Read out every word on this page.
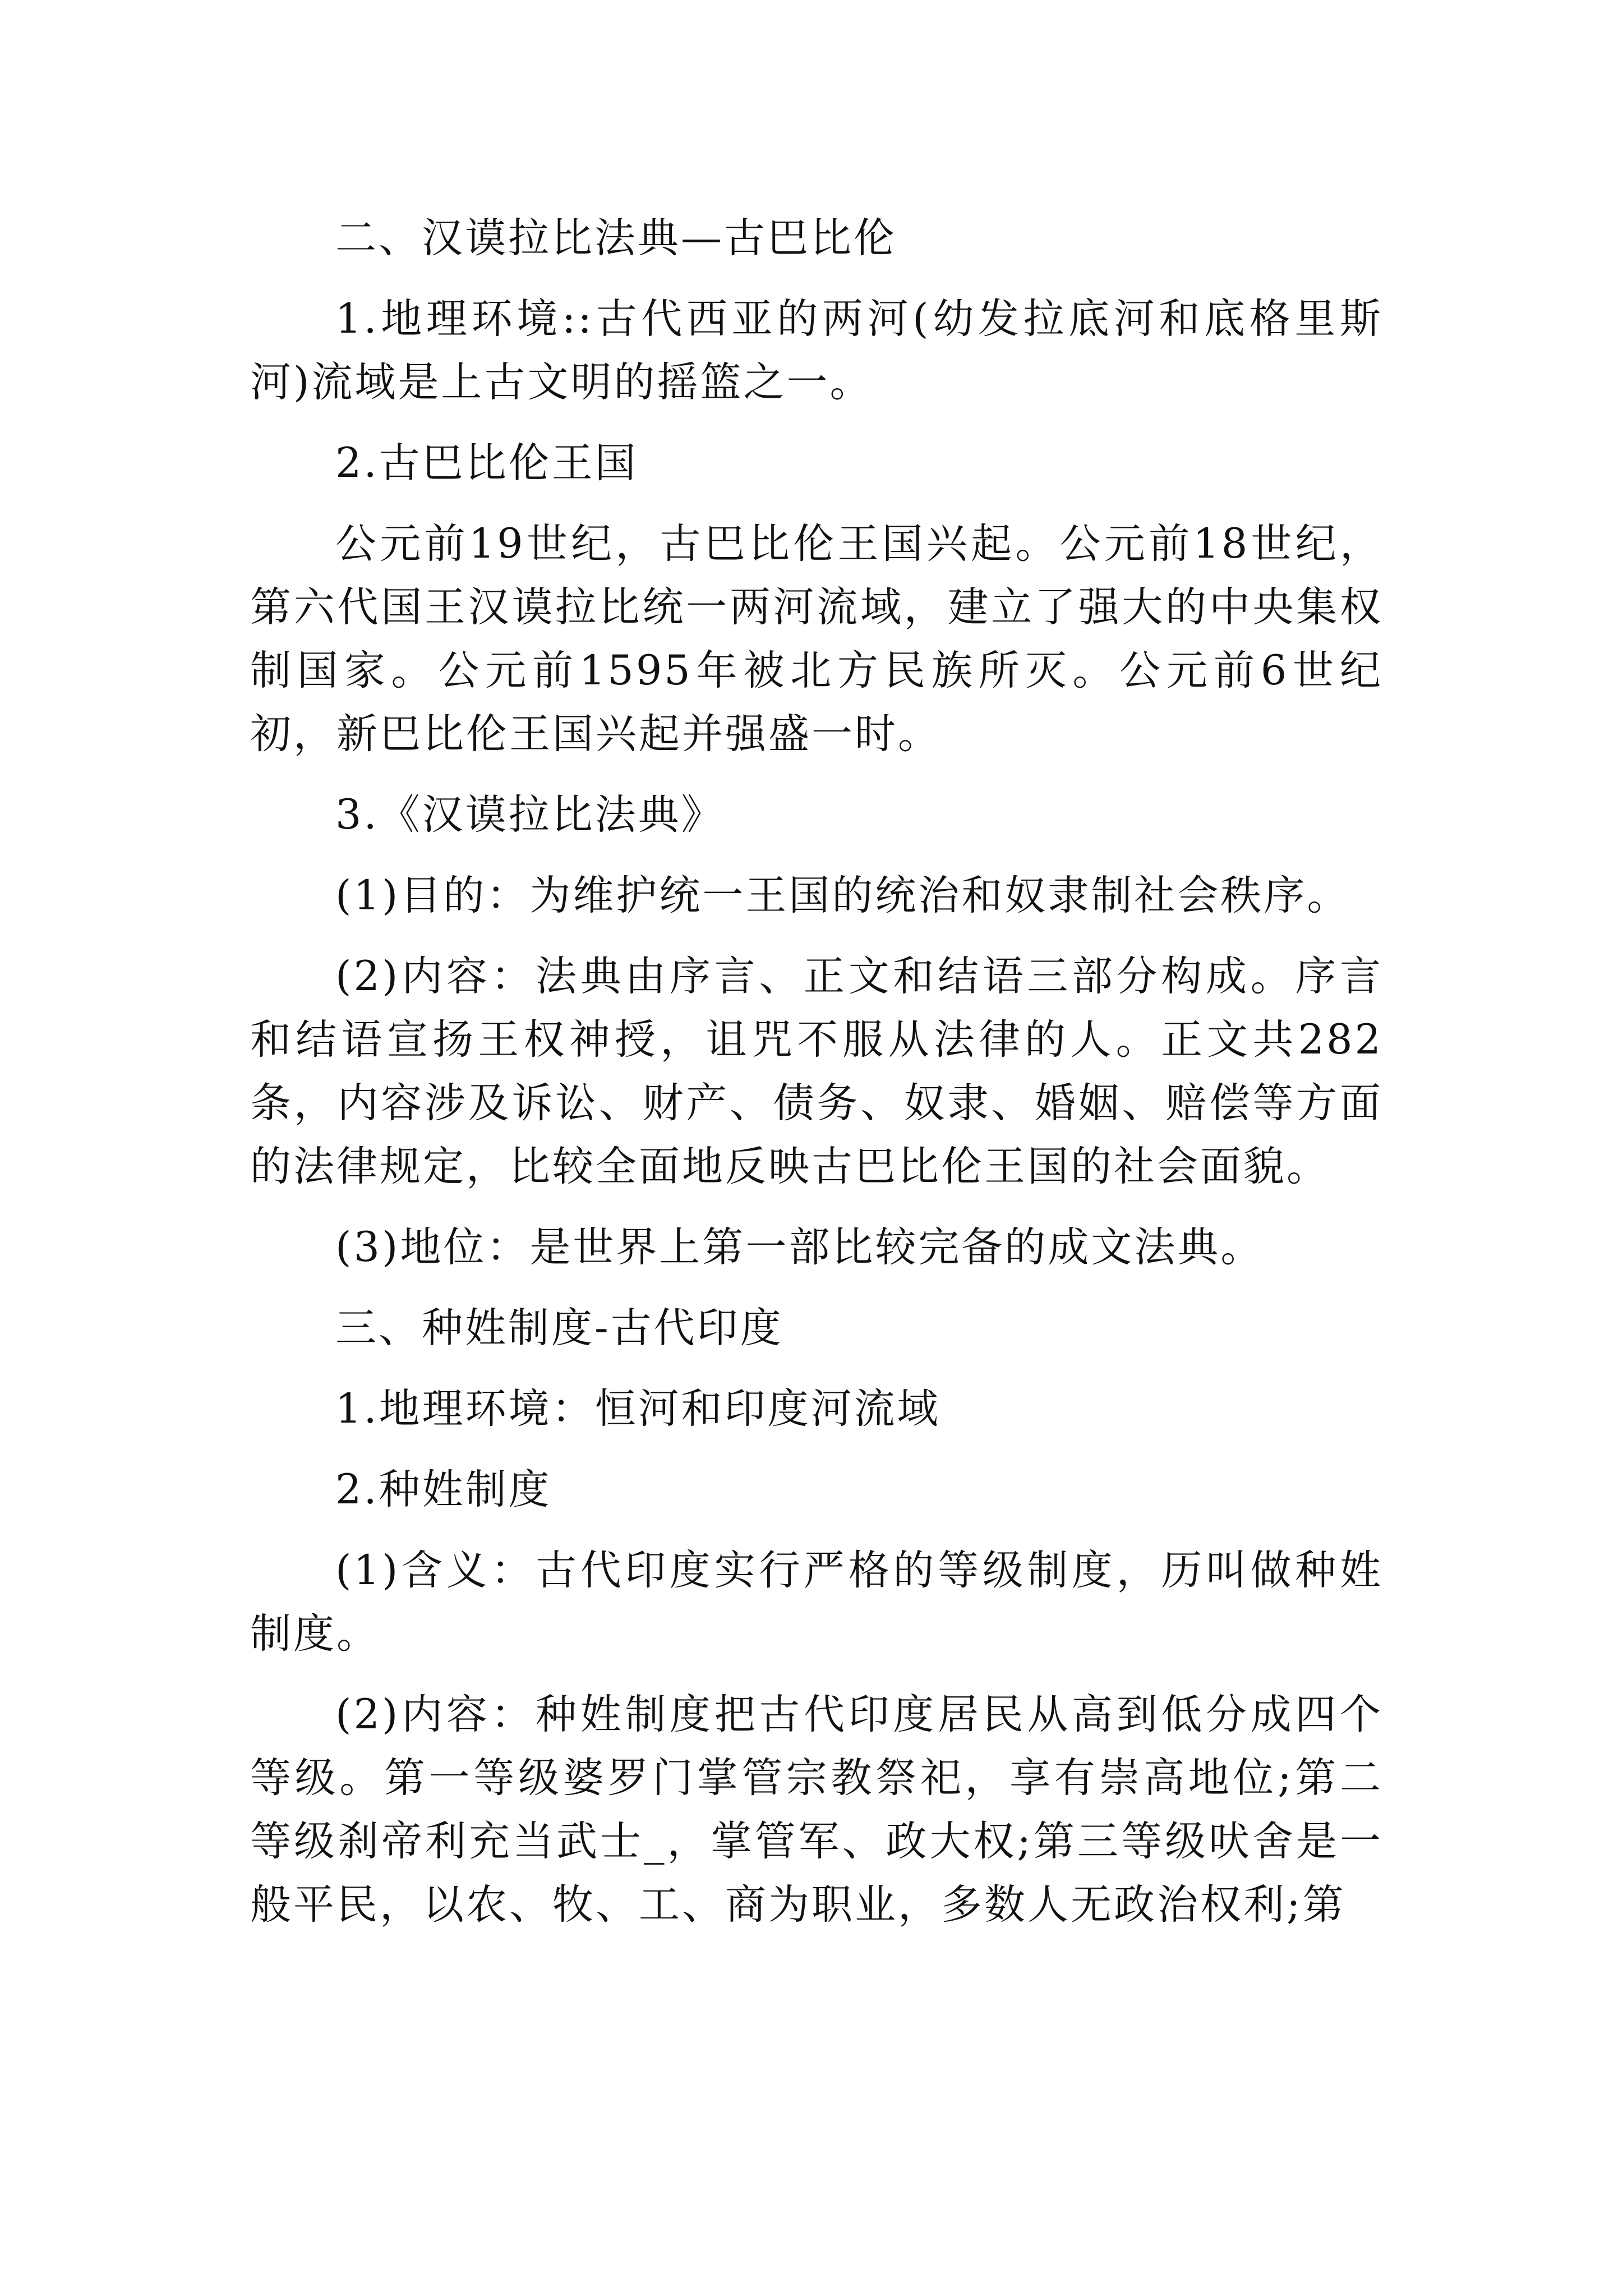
二、汉谟拉比法典—古巴比伦

1.地理环境::古代西亚的两河(幼发拉底河和底格里斯河)流域是上古文明的摇篮之一。

2.古巴比伦王国

公元前19世纪，古巴比伦王国兴起。公元前18世纪，第六代国王汉谟拉比统一两河流域，建立了强大的中央集权制国家。公元前1595年被北方民族所灭。公元前6世纪初，新巴比伦王国兴起并强盛一时。

3.《汉谟拉比法典》

(1)目的：为维护统一王国的统治和奴隶制社会秩序。

(2)内容：法典由序言、正文和结语三部分构成。序言和结语宣扬王权神授，诅咒不服从法律的人。正文共282条，内容涉及诉讼、财产、债务、奴隶、婚姻、赔偿等方面的法律规定，比较全面地反映古巴比伦王国的社会面貌。

(3)地位：是世界上第一部比较完备的成文法典。

三、种姓制度-古代印度

1.地理环境：恒河和印度河流域

2.种姓制度

(1)含义：古代印度实行严格的等级制度，历叫做种姓制度。

(2)内容：种姓制度把古代印度居民从高到低分成四个等级。第一等级婆罗门掌管宗教祭祀，享有崇高地位;第二等级刹帝利充当武士_，掌管军、政大权;第三等级吠舍是一般平民，以农、牧、工、商为职业，多数人无政治权利;第
